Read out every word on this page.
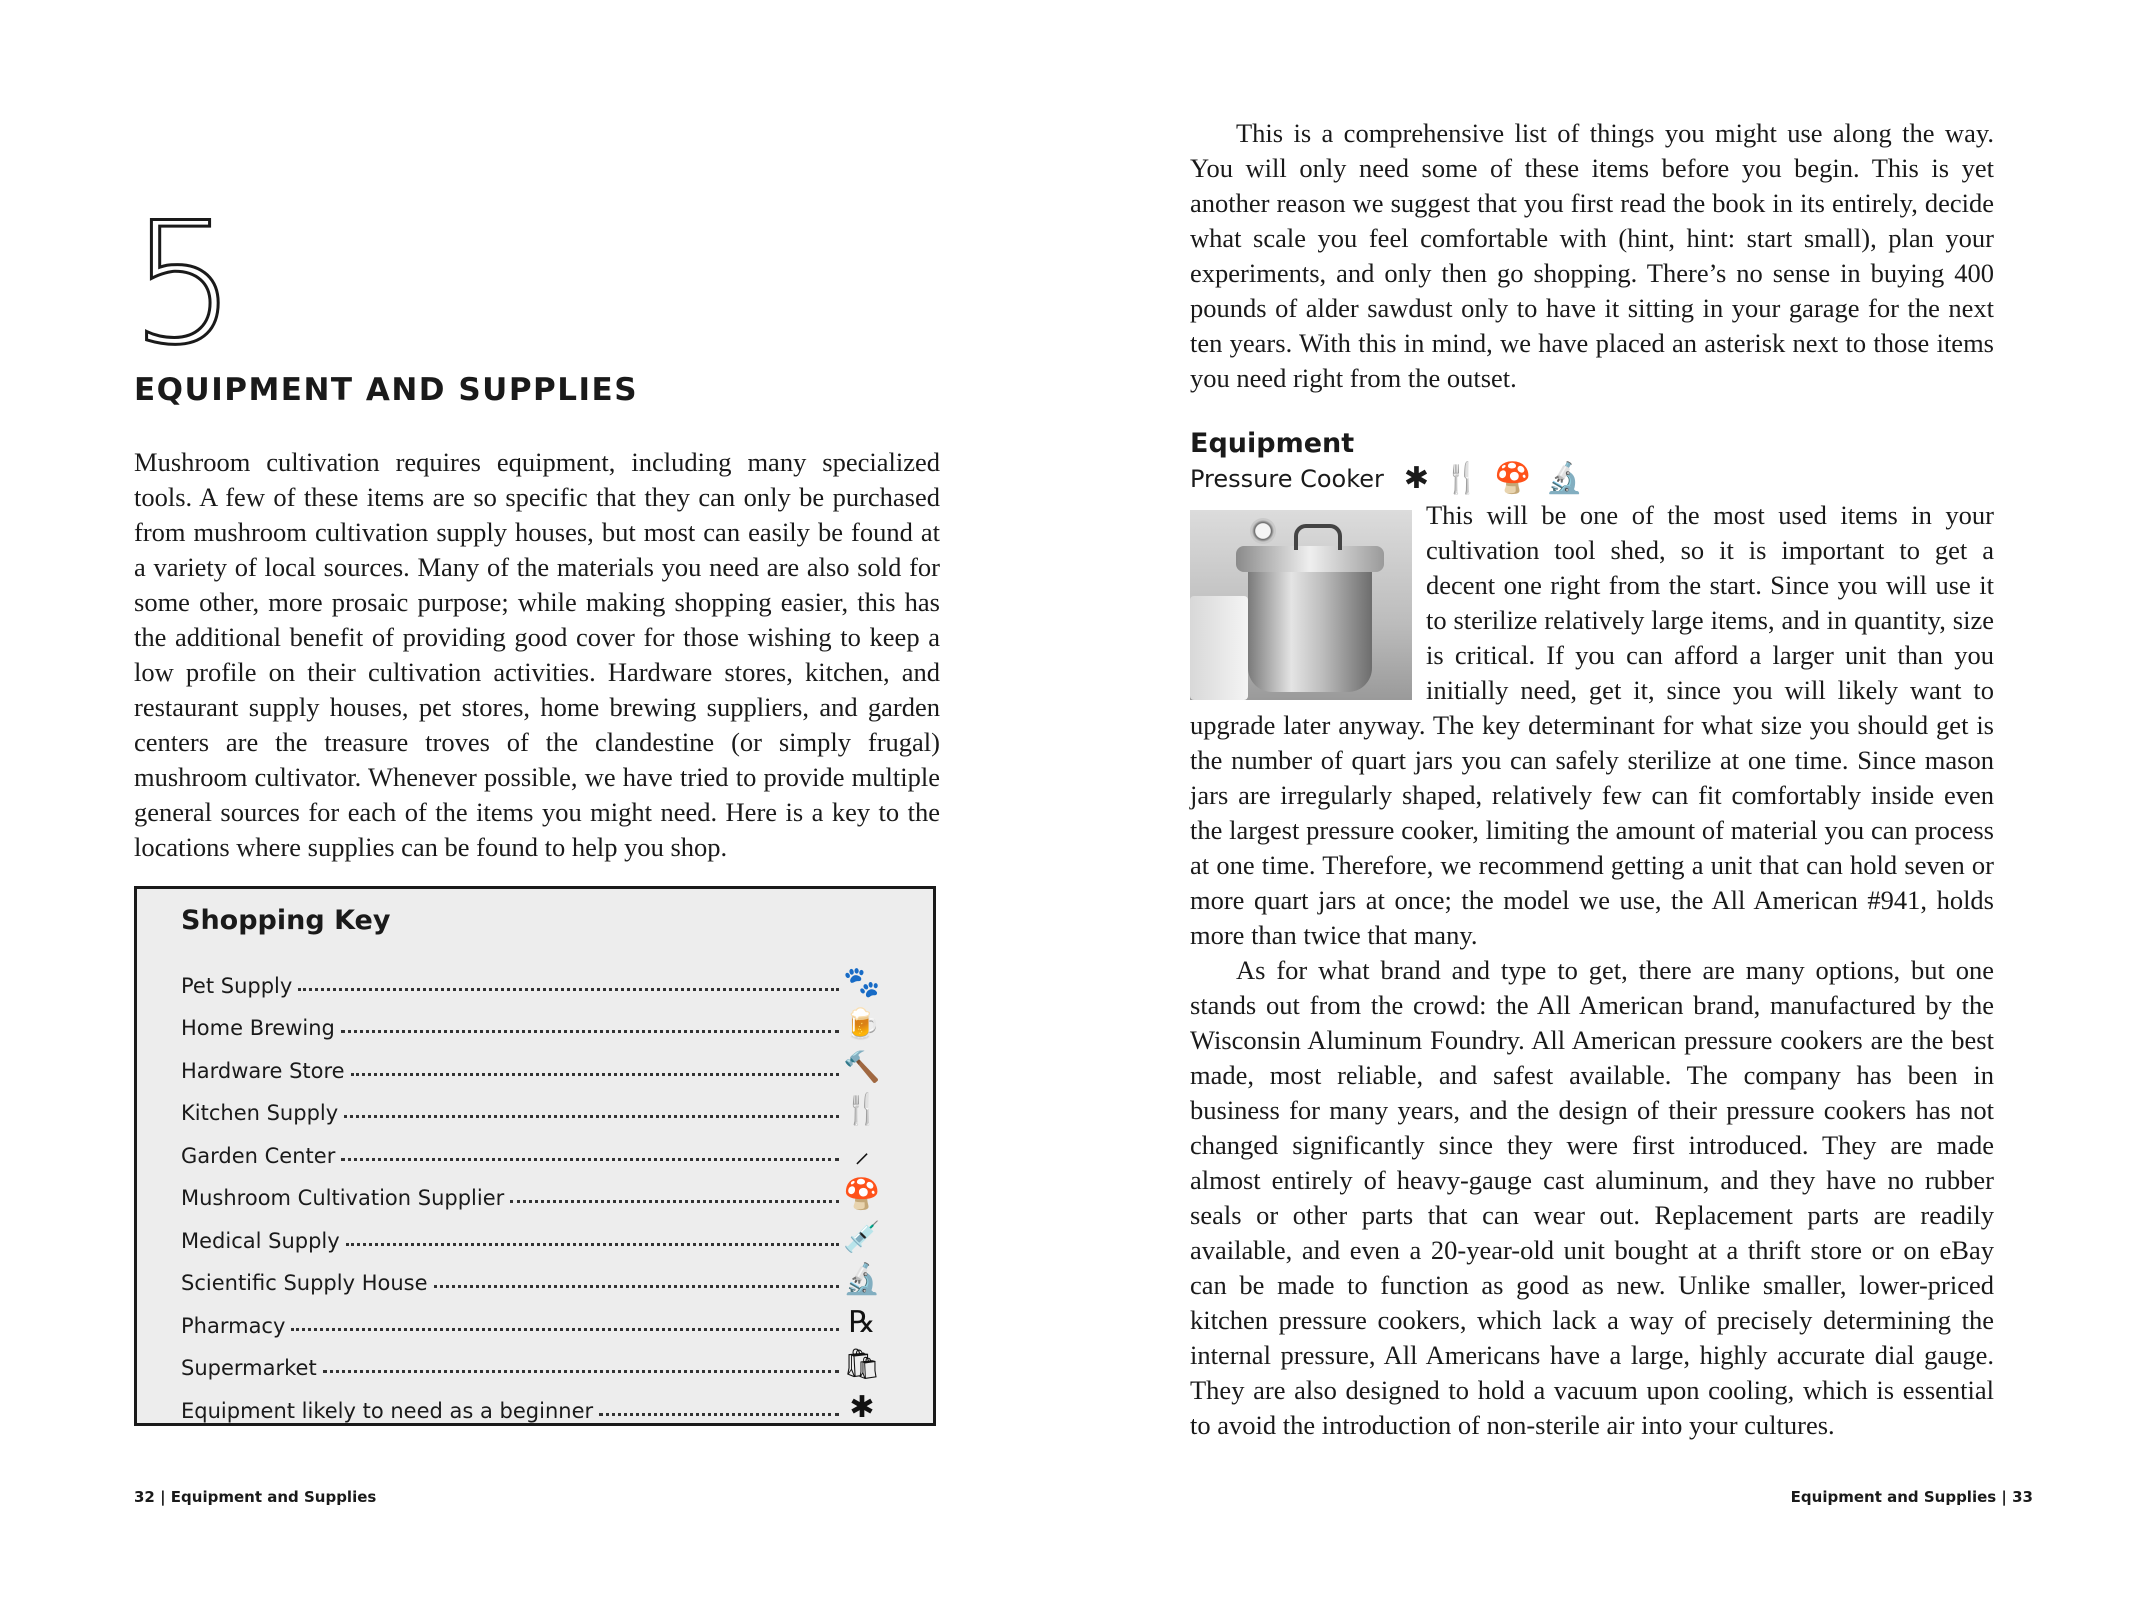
5
EQUIPMENT AND SUPPLIES

Mushroom cultivation requires equipment, including many specialized tools. A few of these items are so specific that they can only be purchased from mushroom cultivation supply houses, but most can easily be found at a variety of local sources. Many of the materials you need are also sold for some other, more prosaic purpose; while making shopping easier, this has the additional benefit of providing good cover for those wishing to keep a low profile on their cultivation activities. Hardware stores, kitchen, and restaurant supply houses, pet stores, home brewing suppliers, and garden centers are the treasure troves of the clandestine (or simply frugal) mushroom cultivator. Whenever possible, we have tried to provide multiple general sources for each of the items you might need. Here is a key to the locations where supplies can be found to help you shop.

Shopping Key
Pet Supply	🐾
Home Brewing	🍺
Hardware Store	🔨
Kitchen Supply	🍴
Garden Center	⸝
Mushroom Cultivation Supplier	🍄
Medical Supply	💉
Scientific Supply House	🔬
Pharmacy	℞
Supermarket	🛍
Equipment likely to need as a beginner	✱
32 | Equipment and Supplies

This is a comprehensive list of things you might use along the way. You will only need some of these items before you begin. This is yet another reason we suggest that you first read the book in its entirely, decide what scale you feel comfortable with (hint, hint: start small), plan your experiments, and only then go shopping. There’s no sense in buying 400 pounds of alder sawdust only to have it sitting in your garage for the next ten years. With this in mind, we have placed an asterisk next to those items you need right from the outset.

Equipment
Pressure Cooker ✱ 🍴 🍄 🔬

This will be one of the most used items in your cultivation tool shed, so it is important to get a decent one right from the start. Since you will use it to sterilize relatively large items, and in quantity, size is critical. If you can afford a larger unit than you initially need, get it, since you will likely want to upgrade later anyway. The key determinant for what size you should get is the number of quart jars you can safely sterilize at one time. Since mason jars are irregularly shaped, relatively few can fit comfortably inside even the largest pressure cooker, limiting the amount of material you can process at one time. Therefore, we recommend getting a unit that can hold seven or more quart jars at once; the model we use, the All American #941, holds more than twice that many.

As for what brand and type to get, there are many options, but one stands out from the crowd: the All American brand, manufactured by the Wisconsin Aluminum Foundry. All American pressure cookers are the best made, most reliable, and safest available. The company has been in business for many years, and the design of their pressure cookers has not changed significantly since they were first introduced. They are made almost entirely of heavy-gauge cast aluminum, and they have no rubber seals or other parts that can wear out. Replacement parts are readily available, and even a 20-year-old unit bought at a thrift store or on eBay can be made to function as good as new. Unlike smaller, lower-priced kitchen pressure cookers, which lack a way of precisely determining the internal pressure, All Americans have a large, highly accurate dial gauge. They are also designed to hold a vacuum upon cooling, which is essential to avoid the introduction of non-sterile air into your cultures.

Equipment and Supplies | 33
